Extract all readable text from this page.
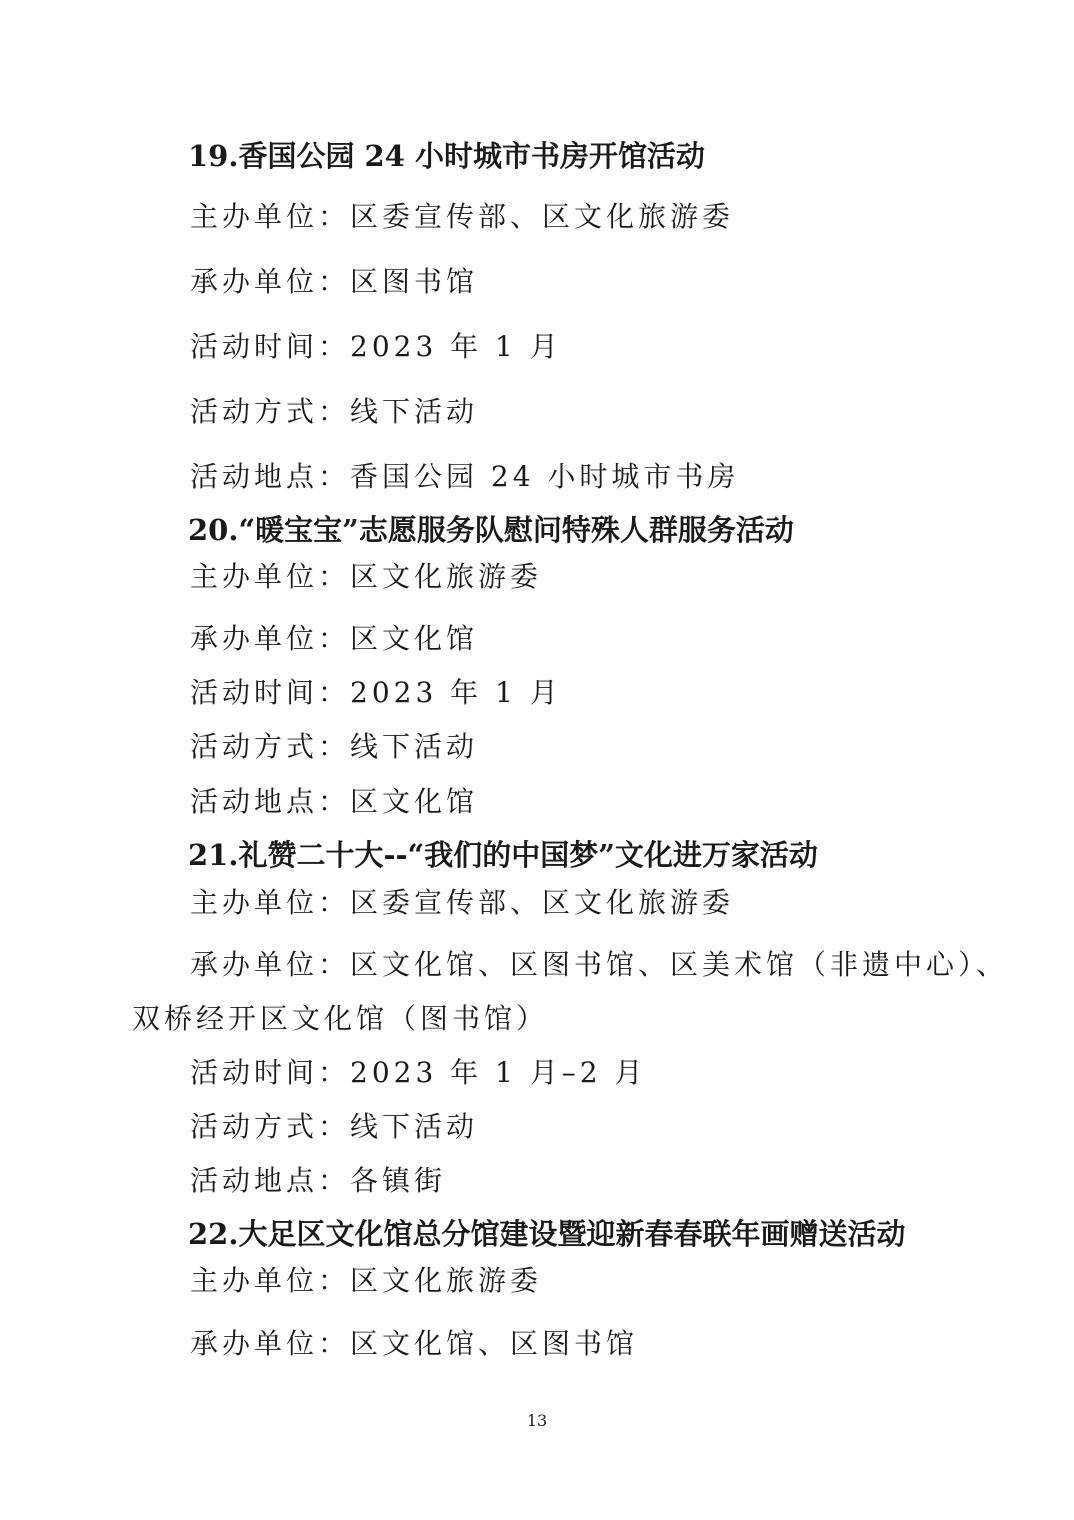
19.香国公园 24 小时城市书房开馆活动
主办单位：区委宣传部、区文化旅游委
承办单位：区图书馆
活动时间：2023 年 1 月
活动方式：线下活动
活动地点：香国公园 24 小时城市书房
20.“暖宝宝”志愿服务队慰问特殊人群服务活动
主办单位：区文化旅游委
承办单位：区文化馆
活动时间：2023 年 1 月
活动方式：线下活动
活动地点：区文化馆
21.礼赞二十大--“我们的中国梦”文化进万家活动
主办单位：区委宣传部、区文化旅游委
承办单位：区文化馆、区图书馆、区美术馆（非遗中心）、
双桥经开区文化馆（图书馆）
活动时间：2023 年 1 月–2 月
活动方式：线下活动
活动地点：各镇街
22.大足区文化馆总分馆建设暨迎新春春联年画赠送活动
主办单位：区文化旅游委
承办单位：区文化馆、区图书馆
13
